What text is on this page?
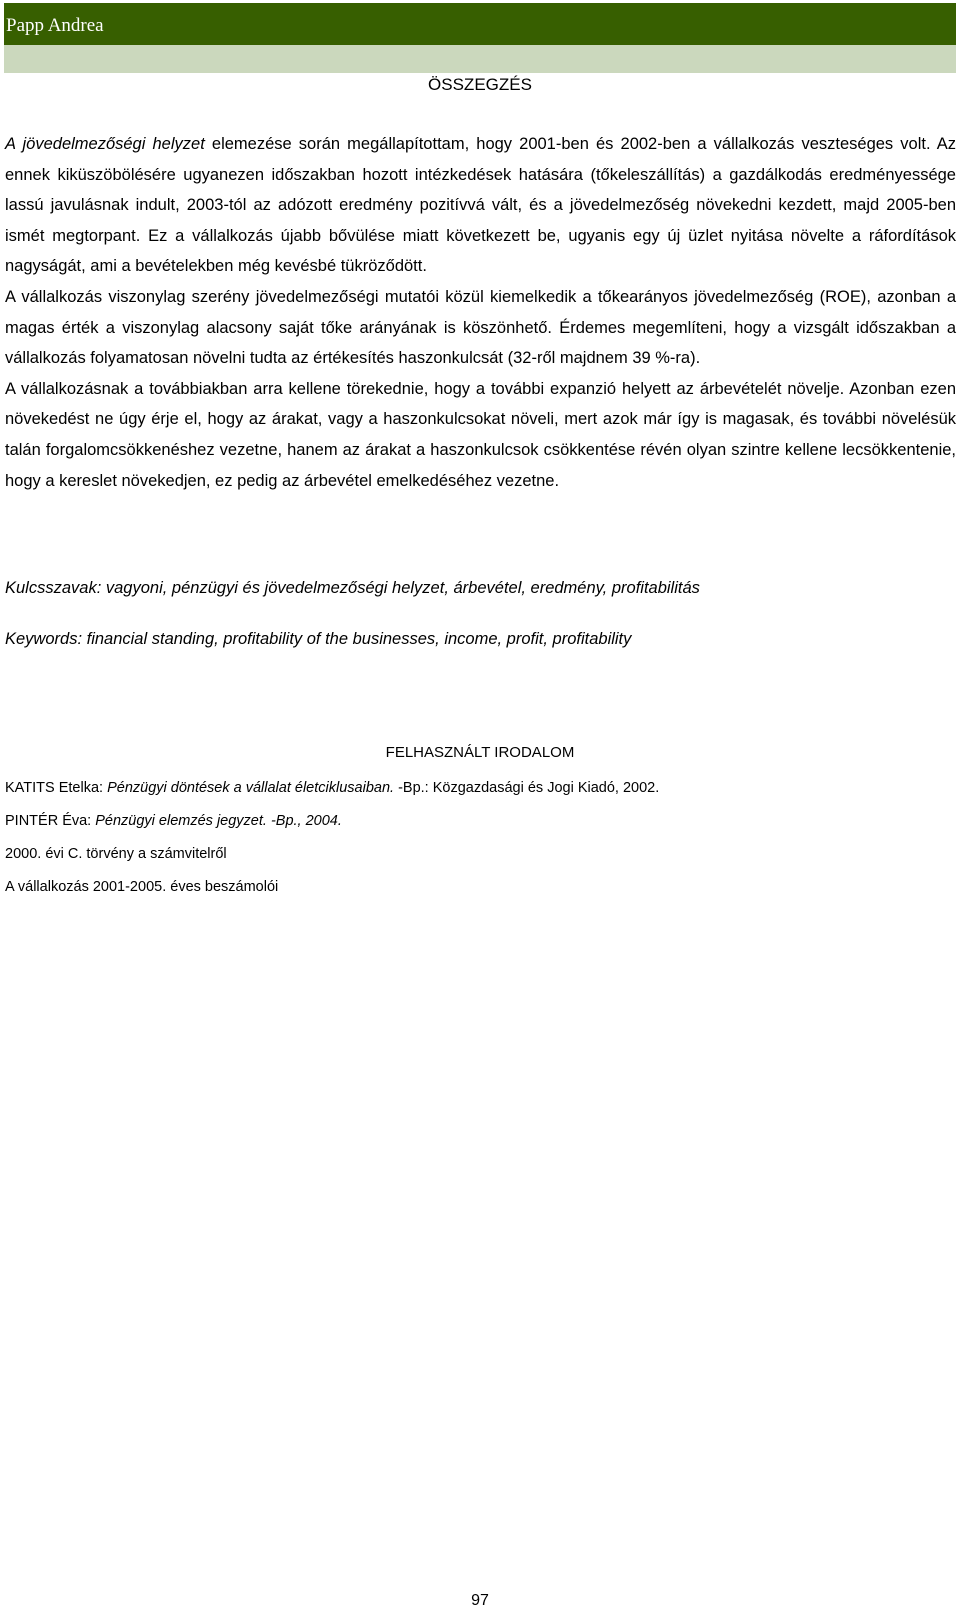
Papp Andrea
ÖSSZEGZÉS

A jövedelmezőségi helyzet elemezése során megállapítottam, hogy 2001-ben és 2002-ben a vállalkozás veszteséges volt. Az ennek kiküszöbölésére ugyanezen időszakban hozott intézkedések hatására (tőkeleszállítás) a gazdálkodás eredményessége lassú javulásnak indult, 2003-tól az adózott eredmény pozitívvá vált, és a jövedelmezőség növekedni kezdett, majd 2005-ben ismét megtorpant. Ez a vállalkozás újabb bővülése miatt következett be, ugyanis egy új üzlet nyitása növelte a ráfordítások nagyságát, ami a bevételekben még kevésbé tükröződött.

A vállalkozás viszonylag szerény jövedelmezőségi mutatói közül kiemelkedik a tőkearányos jövedelmezőség (ROE), azonban a magas érték a viszonylag alacsony saját tőke arányának is köszönhető. Érdemes megemlíteni, hogy a vizsgált időszakban a vállalkozás folyamatosan növelni tudta az értékesítés haszonkulcsát (32-ről majdnem 39 %-ra).

A vállalkozásnak a továbbiakban arra kellene törekednie, hogy a további expanzió helyett az árbevételét növelje. Azonban ezen növekedést ne úgy érje el, hogy az árakat, vagy a haszonkulcsokat növeli, mert azok már így is magasak, és további növelésük talán forgalomcsökkenéshez vezetne, hanem az árakat a haszonkulcsok csökkentése révén olyan szintre kellene lecsökkentenie, hogy a kereslet növekedjen, ez pedig az árbevétel emelkedéséhez vezetne.

Kulcsszavak: vagyoni, pénzügyi és jövedelmezőségi helyzet, árbevétel, eredmény, profitabilitás
Keywords: financial standing, profitability of the businesses, income, profit, profitability
FELHASZNÁLT IRODALOM
KATITS Etelka: Pénzügyi döntések a vállalat életciklusaiban. -Bp.: Közgazdasági és Jogi Kiadó, 2002.
PINTÉR Éva: Pénzügyi elemzés jegyzet. -Bp., 2004.
2000. évi C. törvény a számvitelről
A vállalkozás 2001-2005. éves beszámolói
97
